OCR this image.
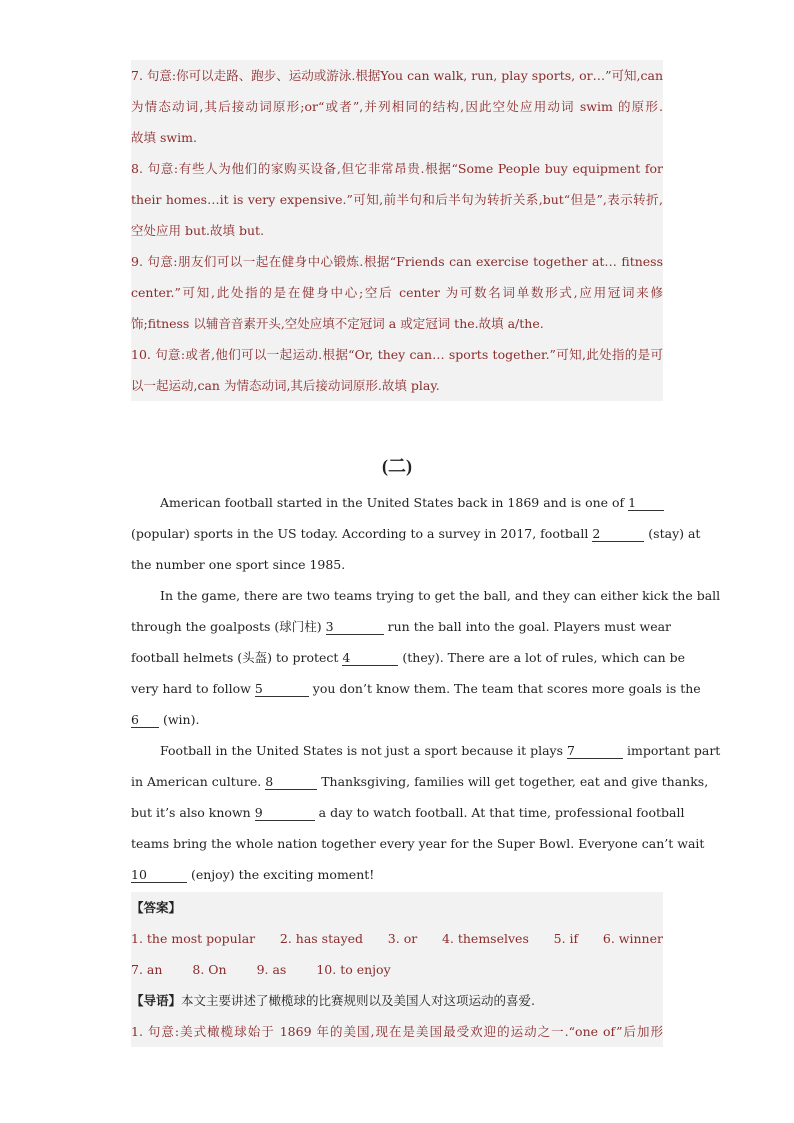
7. 句意:你可以走路、跑步、运动或游泳.根据You can walk, run, play sports, or…”可知,can
为情态动词,其后接动词原形;or“或者”,并列相同的结构,因此空处应用动词 swim 的原形.
故填 swim.
8. 句意:有些人为他们的家购买设备,但它非常昂贵.根据“Some People buy equipment for
their homes…it is very expensive.”可知,前半句和后半句为转折关系,but“但是”,表示转折,
空处应用 but.故填 but.
9. 句意:朋友们可以一起在健身中心锻炼.根据“Friends can exercise together at… fitness
center.”可知,此处指的是在健身中心;空后 center 为可数名词单数形式,应用冠词来修
饰;fitness 以辅音音素开头,空处应填不定冠词 a 或定冠词 the.故填 a/the.
10. 句意:或者,他们可以一起运动.根据“Or, they can… sports together.”可知,此处指的是可
以一起运动,can 为情态动词,其后接动词原形.故填 play.
(二)
American football started in the United States back in 1869 and is one of 1
(popular) sports in the US today. According to a survey in 2017, football 2	(stay) at
the number one sport since 1985.
In the game, there are two teams trying to get the ball, and they can either kick the ball
through the goalposts (球门柱) 3	run the ball into the goal. Players must wear
football helmets (头盔) to protect 4	(they). There are a lot of rules, which can be
very hard to follow 5	you don’t know them. The team that scores more goals is the
6 (win).
Football in the United States is not just a sport because it plays 7	important part
in American culture. 8	Thanksgiving, families will get together, eat and give thanks,
but it’s also known 9	a day to watch football. At that time, professional football
teams bring the whole nation together every year for the Super Bowl. Everyone can’t wait
10	(enjoy) the exciting moment!
【答案】
1. the most popular 2. has stayed 3. or 4. themselves 5. if 6. winner
7. an 8. On 9. as 10. to enjoy
【导语】本文主要讲述了橄榄球的比赛规则以及美国人对这项运动的喜爱.
1. 句意:美式橄榄球始于 1869 年的美国,现在是美国最受欢迎的运动之一.“one of”后加形
